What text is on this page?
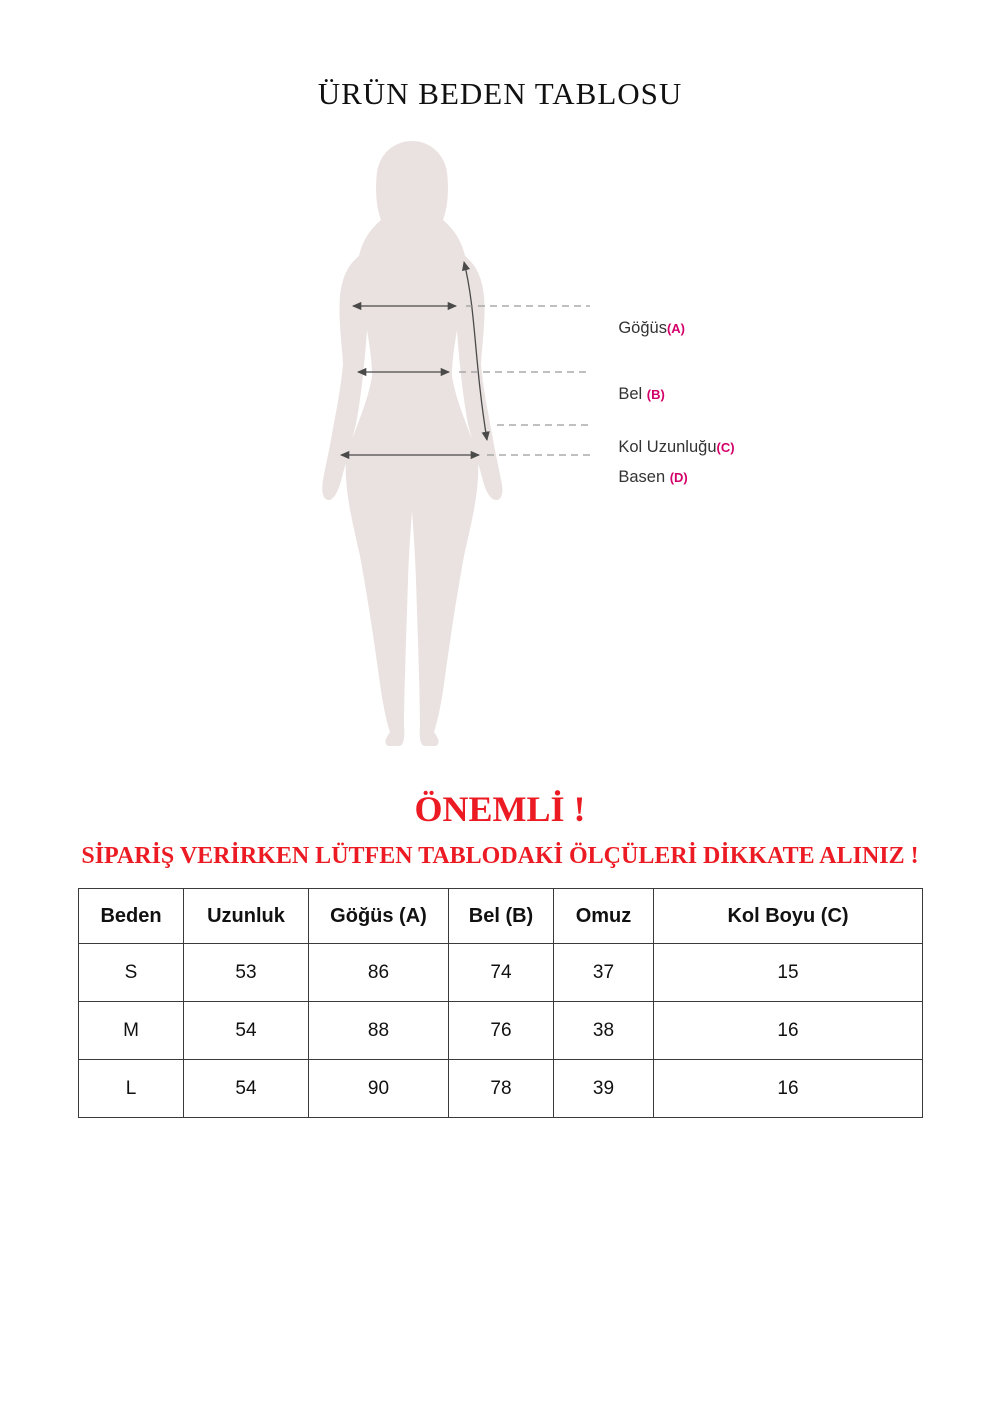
ÜRÜN BEDEN TABLOSU

Göğüs(A)

Bel (B)

Kol Uzunluğu(C)

Basen (D)

ÖNEMLİ !
SİPARİŞ VERİRKEN LÜTFEN TABLODAKİ ÖLÇÜLERİ DİKKATE ALINIZ !
Beden	Uzunluk	Göğüs (A)	Bel (B)	Omuz	Kol Boyu (C)
S	53	86	74	37	15
M	54	88	76	38	16
L	54	90	78	39	16
